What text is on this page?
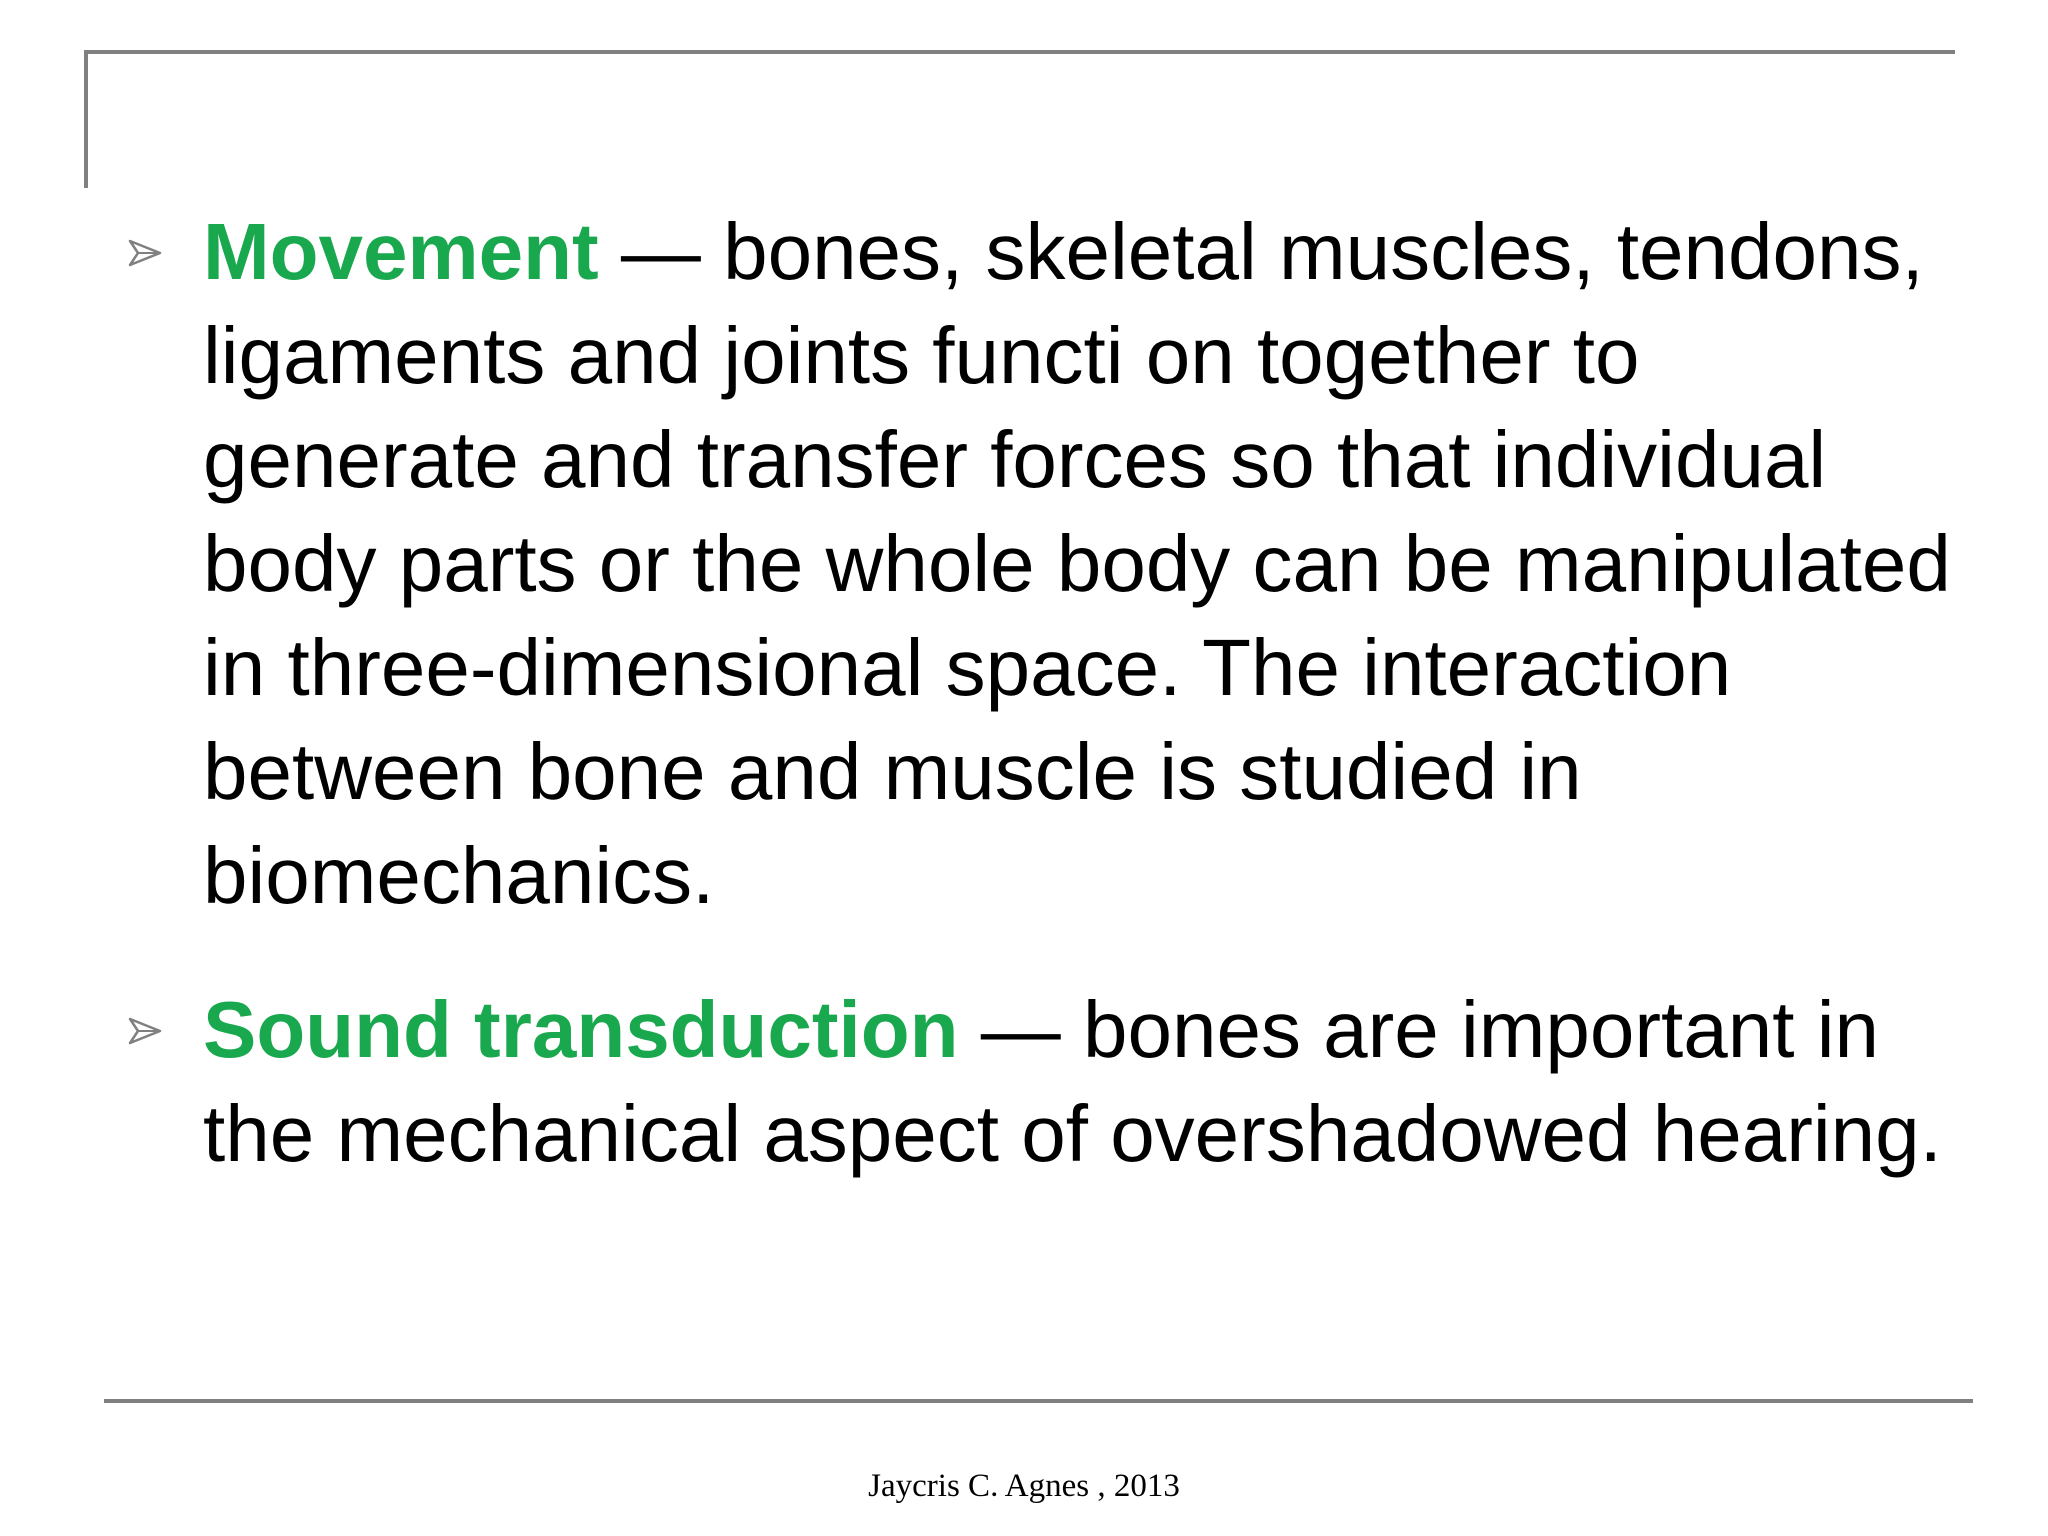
Movement — bones, skeletal muscles, tendons, ligaments and joints functi on together to generate and transfer forces so that individual body parts or the whole body can be manipulated in three-dimensional space. The interaction between bone and muscle is studied in biomechanics.
Sound transduction — bones are important in the mechanical aspect of overshadowed hearing.
Jaycris C. Agnes , 2013
